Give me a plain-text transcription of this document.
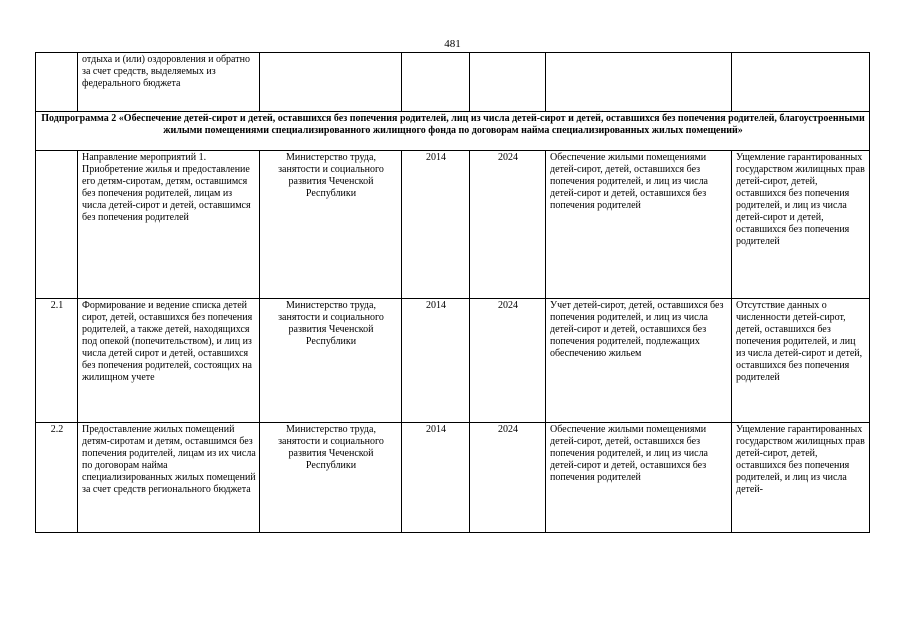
481
	отдыха и (или) оздоровления и обратно за счет средств, выделяемых из федерального бюджета					
Подпрограмма 2 «Обеспечение детей-сирот и детей, оставшихся без попечения родителей, лиц из числа детей-сирот и детей, оставшихся без попечения родителей, благоустроенными жилыми помещениями специализированного жилищного фонда по договорам найма специализированных жилых помещений»						
	Направление мероприятий 1. Приобретение жилья и предоставление его детям-сиротам, детям, оставшимся без попечения родителей, лицам из числа детей-сирот и детей, оставшимся без попечения родителей	Министерство труда, занятости и социального развития Чеченской Республики	2014	2024	Обеспечение жилыми помещениями детей-сирот, детей, оставшихся без попечения родителей, и лиц из числа детей-сирот и детей, оставшихся без попечения родителей	Ущемление гарантированных государством жилищных прав детей-сирот, детей, оставшихся без попечения родителей, и лиц из числа детей-сирот и детей, оставшихся без попечения родителей
2.1	Формирование и ведение списка детей сирот, детей, оставшихся без попечения родителей, а также детей, находящихся под опекой (попечительством), и лиц из числа детей сирот и детей, оставшихся без попечения родителей, состоящих на жилищном учете	Министерство труда, занятости и социального развития Чеченской Республики	2014	2024	Учет детей-сирот, детей, оставшихся без попечения родителей, и лиц из числа детей-сирот и детей, оставшихся без попечения родителей, подлежащих обеспечению жильем	Отсутствие данных о численности детей-сирот, детей, оставшихся без попечения родителей, и лиц из числа детей-сирот и детей, оставшихся без попечения родителей
2.2	Предоставление жилых помещений детям-сиротам и детям, оставшимся без попечения родителей, лицам из их числа по договорам найма специализированных жилых помещений за счет средств регионального бюджета	Министерство труда, занятости и социального развития Чеченской Республики	2014	2024	Обеспечение жилыми помещениями детей-сирот, детей, оставшихся без попечения родителей, и лиц из числа детей-сирот и детей, оставшихся без попечения родителей	Ущемление гарантированных государством жилищных прав детей-сирот, детей, оставшихся без попечения родителей, и лиц из числа детей-
